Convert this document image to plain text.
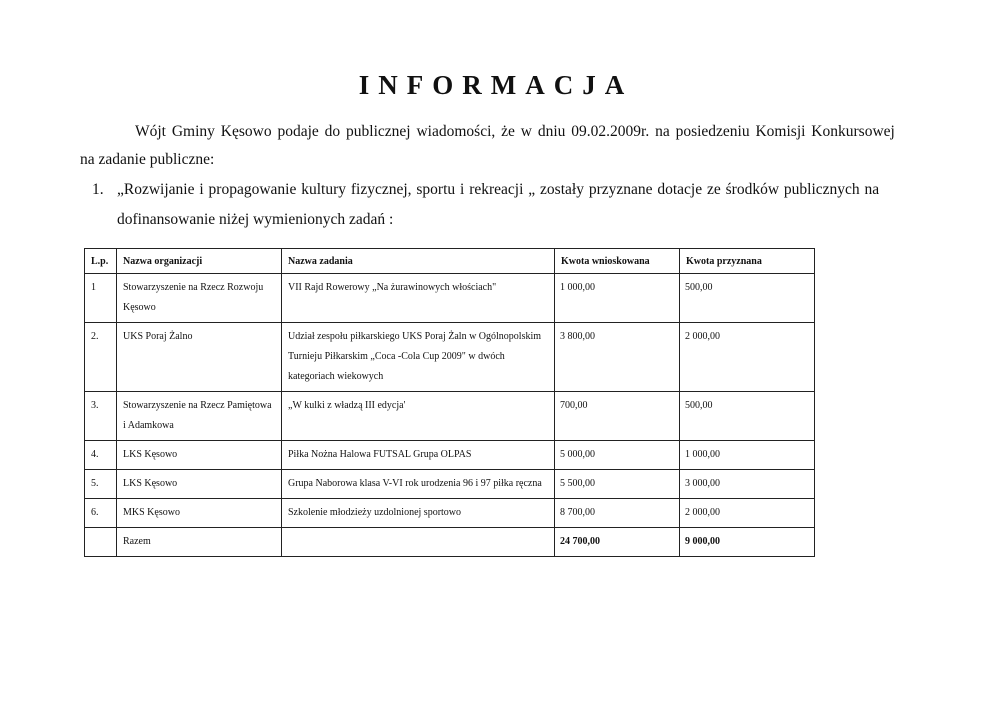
INFORMACJA

Wójt Gminy Kęsowo podaje do publicznej wiadomości, że w dniu 09.02.2009r. na posiedzeniu Komisji Konkursowej

na zadanie publiczne:

1. „Rozwijanie i propagowanie kultury fizycznej, sportu i rekreacji „ zostały przyznane dotacje ze środków publicznych na

dofinansowanie niżej wymienionych zadań :

L.p.	Nazwa organizacji	Nazwa zadania	Kwota wnioskowana	Kwota przyznana
1	Stowarzyszenie na Rzecz Rozwoju Kęsowo	VII Rajd Rowerowy „Na żurawinowych włościach"	1 000,00	500,00
2.	UKS Poraj Żalno	Udział zespołu piłkarskiego UKS Poraj Żaln w Ogólnopolskim Turnieju Piłkarskim „Coca -Cola Cup 2009" w dwóch kategoriach wiekowych	3 800,00	2 000,00
3.	Stowarzyszenie na Rzecz Pamiętowa i Adamkowa	„W kulki z władzą III edycja'	700,00	500,00
4.	LKS Kęsowo	Piłka Nożna Halowa FUTSAL Grupa OLPAS	5 000,00	1 000,00
5.	LKS Kęsowo	Grupa Naborowa klasa V-VI rok urodzenia 96 i 97 piłka ręczna	5 500,00	3 000,00
6.	MKS Kęsowo	Szkolenie młodzieży uzdolnionej sportowo	8 700,00	2 000,00
	Razem		24 700,00	9 000,00
